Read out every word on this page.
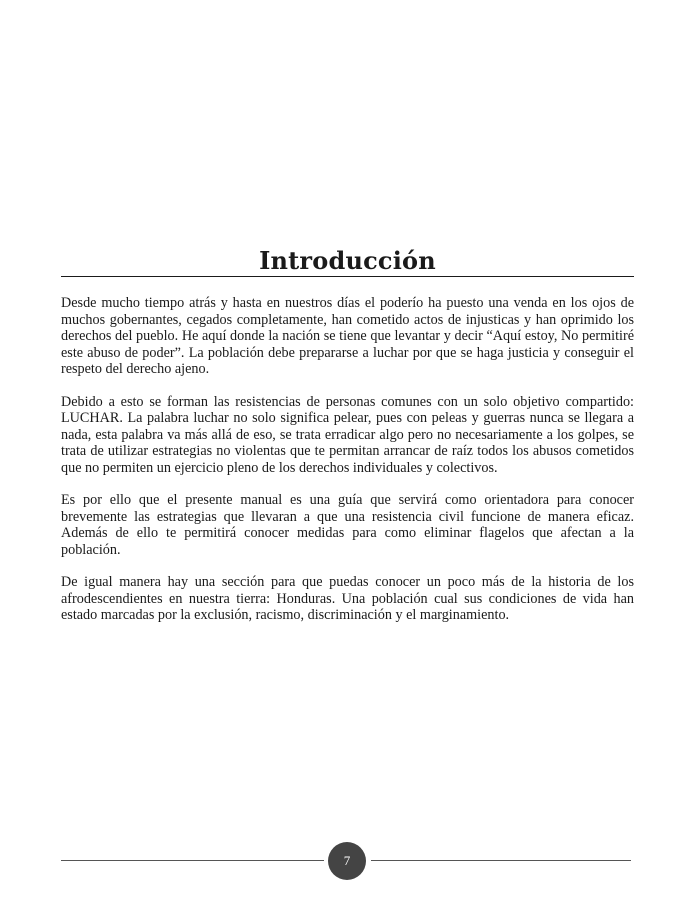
Introducción

Desde mucho tiempo atrás y hasta en nuestros días el poderío ha puesto una venda en los ojos de muchos gobernantes, cegados completamente, han cometido actos de injusticas y han oprimido los derechos del pueblo. He aquí donde la nación se tiene que levantar y decir “Aquí estoy, No permitiré este abuso de poder”. La población debe prepararse a luchar por que se haga justicia y conseguir el respeto del derecho ajeno.

Debido a esto se forman las resistencias de personas comunes con un solo objetivo compartido: LUCHAR. La palabra luchar no solo significa pelear, pues con peleas y guerras nunca se llegara a nada, esta palabra va más allá de eso, se trata erradicar algo pero no necesariamente a los golpes, se trata de utilizar estrategias no violentas que te permitan arrancar de raíz todos los abusos cometidos que no permiten un ejercicio pleno de los derechos individuales y colectivos.

Es por ello que el presente manual es una guía que servirá como orientadora para conocer brevemente las estrategias que llevaran a que una resistencia civil funcione de manera eficaz. Además de ello te permitirá conocer medidas para como eliminar flagelos que afectan a la población.

De igual manera hay una sección para que puedas conocer un poco más de la historia de los afrodescendientes en nuestra tierra: Honduras. Una población cual sus condiciones de vida han estado marcadas por la exclusión, racismo, discriminación y el marginamiento.

7
